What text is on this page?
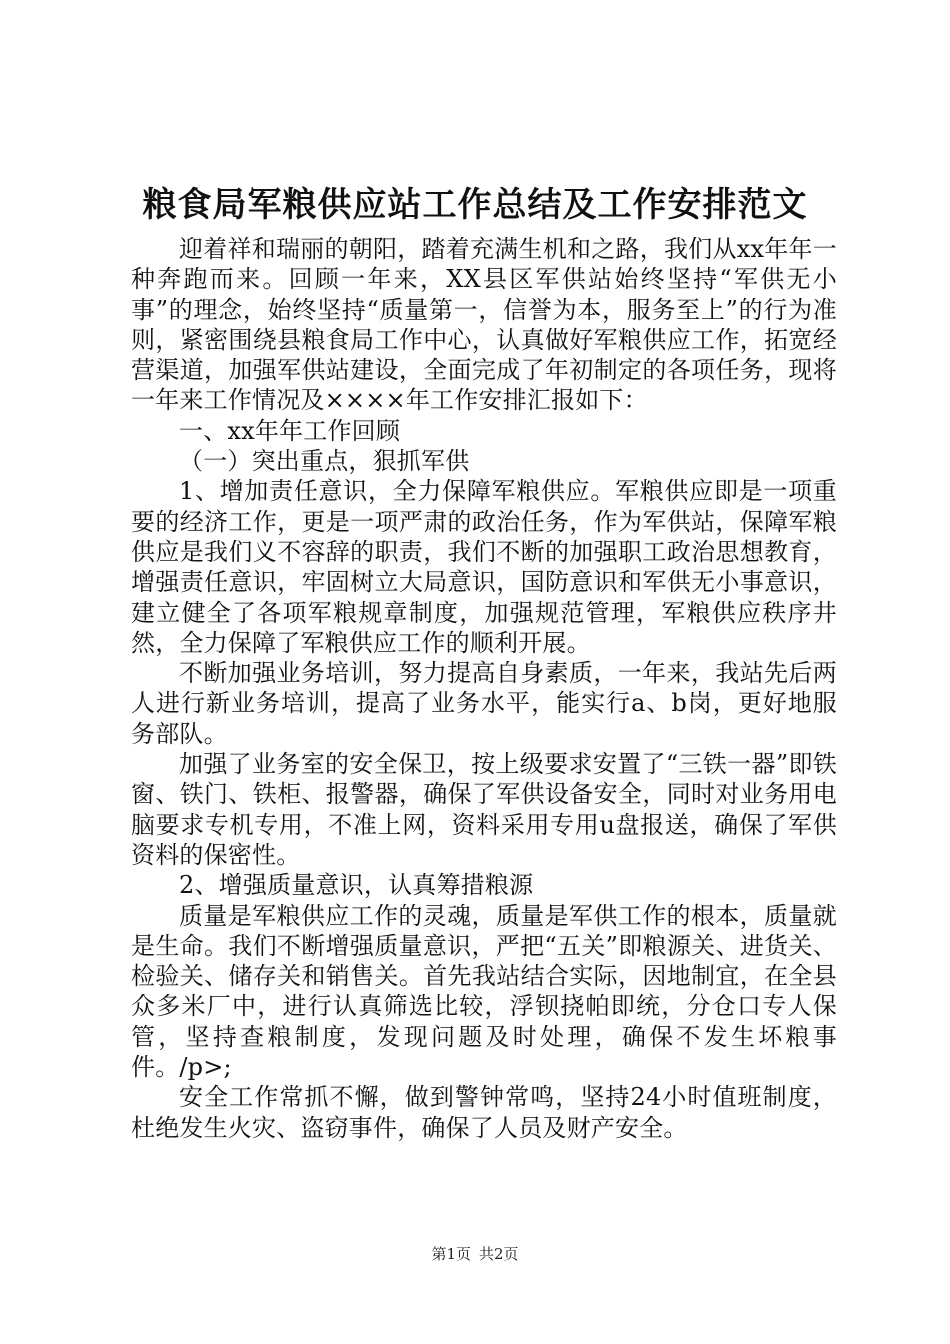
粮食局军粮供应站工作总结及工作安排范文

迎着祥和瑞丽的朝阳，踏着充满生机和之路，我们从xx年年一种奔跑而来。回顾一年来，XX县区军供站始终坚持“军供无小事”的理念，始终坚持“质量第一，信誉为本，服务至上”的行为准则，紧密围绕县粮食局工作中心，认真做好军粮供应工作，拓宽经营渠道，加强军供站建设，全面完成了年初制定的各项任务，现将一年来工作情况及××××年工作安排汇报如下：

一、xx年年工作回顾

（一）突出重点，狠抓军供

1、增加责任意识，全力保障军粮供应。军粮供应即是一项重要的经济工作，更是一项严肃的政治任务，作为军供站，保障军粮供应是我们义不容辞的职责，我们不断的加强职工政治思想教育，增强责任意识，牢固树立大局意识，国防意识和军供无小事意识，建立健全了各项军粮规章制度，加强规范管理，军粮供应秩序井然，全力保障了军粮供应工作的顺利开展。

不断加强业务培训，努力提高自身素质，一年来，我站先后两人进行新业务培训，提高了业务水平，能实行a、b岗，更好地服务部队。

加强了业务室的安全保卫，按上级要求安置了“三铁一器”即铁窗、铁门、铁柜、报警器，确保了军供设备安全，同时对业务用电脑要求专机专用，不准上网，资料采用专用u盘报送，确保了军供资料的保密性。

2、增强质量意识，认真筹措粮源

质量是军粮供应工作的灵魂，质量是军供工作的根本，质量就是生命。我们不断增强质量意识，严把“五关”即粮源关、进货关、检验关、储存关和销售关。首先我站结合实际，因地制宜，在全县众多米厂中，进行认真筛选比较，浮钡挠帕即统，分仓口专人保管，坚持查粮制度，发现问题及时处理，确保不发生坏粮事件。/p>;

安全工作常抓不懈，做到警钟常鸣，坚持24小时值班制度，杜绝发生火灾、盗窃事件，确保了人员及财产安全。

第1页 共2页
